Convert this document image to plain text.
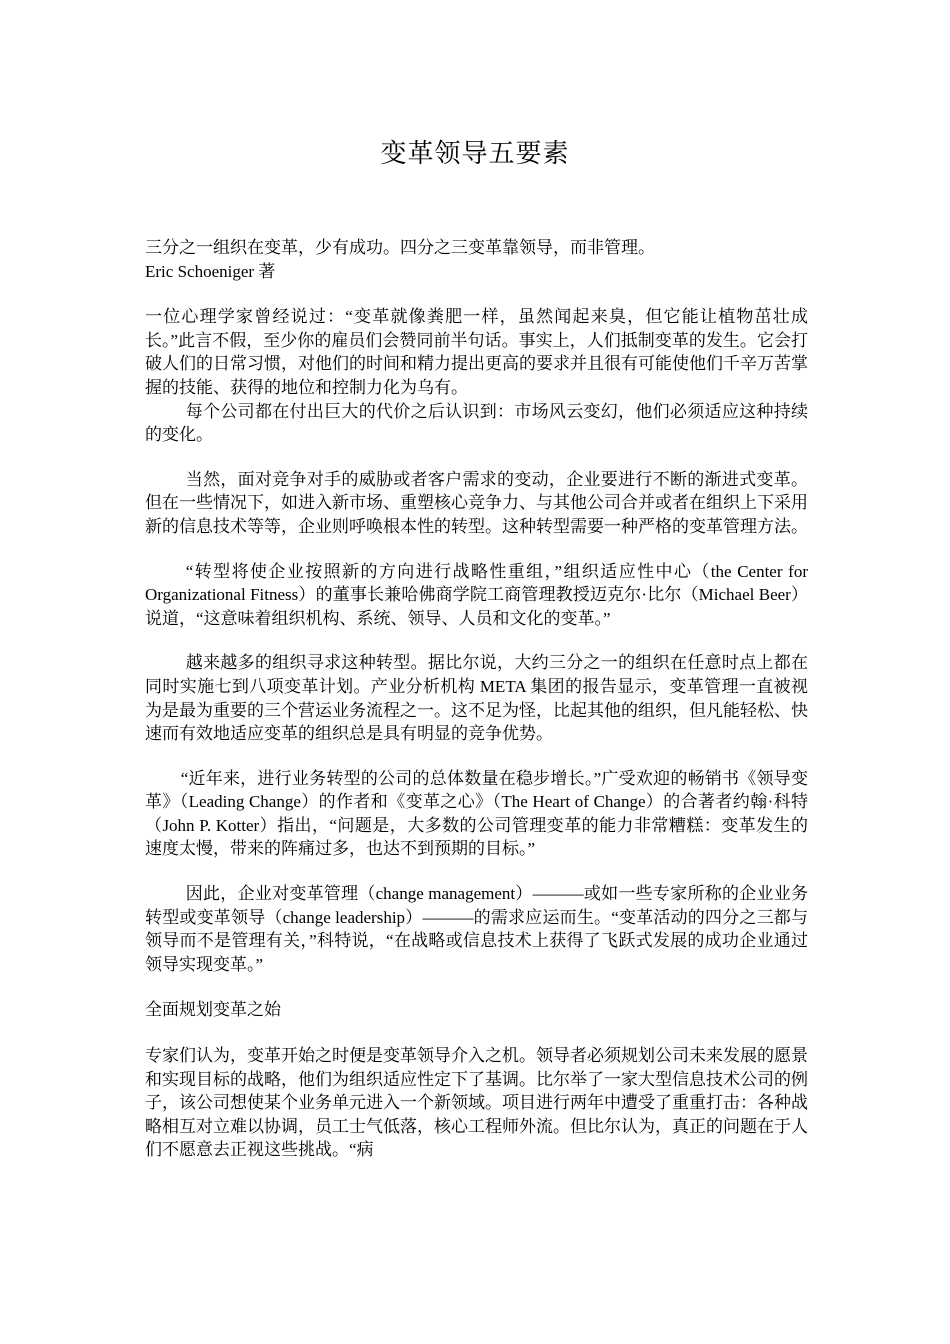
变革领导五要素

三分之一组织在变革，少有成功。四分之三变革靠领导，而非管理。

Eric Schoeniger 著

一位心理学家曾经说过：“变革就像粪肥一样，虽然闻起来臭，但它能让植物茁壮成长。”此言不假，至少你的雇员们会赞同前半句话。事实上，人们抵制变革的发生。它会打破人们的日常习惯，对他们的时间和精力提出更高的要求并且很有可能使他们千辛万苦掌握的技能、获得的地位和控制力化为乌有。

每个公司都在付出巨大的代价之后认识到：市场风云变幻，他们必须适应这种持续的变化。

当然，面对竞争对手的威胁或者客户需求的变动，企业要进行不断的渐进式变革。但在一些情况下，如进入新市场、重塑核心竞争力、与其他公司合并或者在组织上下采用新的信息技术等等，企业则呼唤根本性的转型。这种转型需要一种严格的变革管理方法。

“转型将使企业按照新的方向进行战略性重组，”组织适应性中心（the Center for Organizational Fitness）的董事长兼哈佛商学院工商管理教授迈克尔·比尔（Michael Beer）说道，“这意味着组织机构、系统、领导、人员和文化的变革。”

越来越多的组织寻求这种转型。据比尔说，大约三分之一的组织在任意时点上都在同时实施七到八项变革计划。产业分析机构 META 集团的报告显示，变革管理一直被视为是最为重要的三个营运业务流程之一。这不足为怪，比起其他的组织，但凡能轻松、快速而有效地适应变革的组织总是具有明显的竞争优势。

“近年来，进行业务转型的公司的总体数量在稳步增长。”广受欢迎的畅销书《领导变革》（Leading Change）的作者和《变革之心》（The Heart of Change）的合著者约翰·科特（John P. Kotter）指出，“问题是，大多数的公司管理变革的能力非常糟糕：变革发生的速度太慢，带来的阵痛过多，也达不到预期的目标。”

因此，企业对变革管理（change management）———或如一些专家所称的企业业务转型或变革领导（change leadership）———的需求应运而生。“变革活动的四分之三都与领导而不是管理有关，”科特说，“在战略或信息技术上获得了飞跃式发展的成功企业通过领导实现变革。”

全面规划变革之始

专家们认为，变革开始之时便是变革领导介入之机。领导者必须规划公司未来发展的愿景和实现目标的战略，他们为组织适应性定下了基调。比尔举了一家大型信息技术公司的例子，该公司想使某个业务单元进入一个新领域。项目进行两年中遭受了重重打击：各种战略相互对立难以协调，员工士气低落，核心工程师外流。但比尔认为，真正的问题在于人们不愿意去正视这些挑战。“病
